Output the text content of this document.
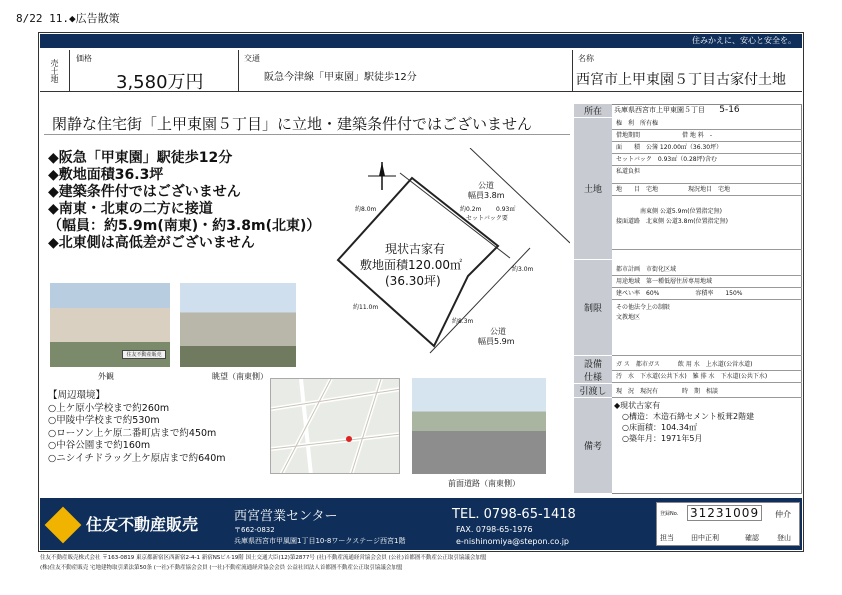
8/22 11.◆広告散策
住みかえに、安心と安全を。
売土地
価格
3,580万円
交通
阪急今津線「甲東園」駅徒歩12分
名称
西宮市上甲東園５丁目古家付土地
閑静な住宅街「上甲東園５丁目」に立地・建築条件付ではございません
◆阪急「甲東園」駅徒歩12分
◆敷地面積36.3坪
◆建築条件付ではございません
◆南東・北東の二方に接道
（幅員：約5.9m(南東)・約3.8m(北東)）
◆北東側は高低差がございません	現状古家有
敷地面積120.00㎡
(36.30坪)
公道
幅員3.8m
約0.2m 0.93㎡
セットバック要
約8.0m
約11.0m
約8.3m
約3.0m
公道
幅員5.9m
住友不動産販売
外観	眺望（南東側）
【周辺環境】
○上ケ原小学校まで約260m
○甲陵中学校まで約530m
○ローソン上ケ原二番町店まで約450m
○中谷公園まで約160m
○ニシイチドラッグ上ケ原店まで約640m
前面道路（南東側）
所在	兵庫県西宮市上甲東園５丁目 5-16
土地
権　利　所有権
借地期間　　　　　　　借 地 料　-
面　　積　公簿 120.00㎡（36.30坪）
セットバック　0.93㎡（0.28坪)含む
私道負担
地　　目　宅地　　　　　現況地目　宅地
　　　　南東側 公道5.9m(位置指定無)
接面道路　北東側 公道3.8m(位置指定無)
制限
都市計画　市街化区域
用途地域　第一種低層住居専用地域
建ぺい率　60%　　　　　　容積率　　150%
その他法令上の制限
文教地区
設備
仕様
ガ ス　都市ガス　　　飲 用 水　上水道(公営水道)
汚　水　下水道(公共下水)　雑 排 水　下水道(公共下水)
引渡し	現　況　現況有　　　　時　期　相談
備考
◆現状古家有
　○構造：木造石綿セメント板葺2階建
　○床面積：104.34㎡
　○築年月：1971年5月
住友不動産販売	西宮営業センター
〒662-0832
兵庫県西宮市甲風園1丁目10-8ワークステージ西宮1階
TEL. 0798-65-1418
FAX. 0798-65-1976
e-nishinomiya@stepon.co.jp
登録No. 31231009	仲介
担当 田中正利	確認	登山
住友不動産販売株式会社 〒163-0819 東京都新宿区西新宿2-4-1 新宿NSビル19階 国土交通大臣(12)第2877号 (社)不動産流通経営協会会員 (公社)首都圏不動産公正取引協議会加盟
(株)住友不動産販売 宅地建物取引業法第50条 (一社)不動産協会会員 (一社)不動産流通経営協会会員 公益社団法人首都圏不動産公正取引協議会加盟
